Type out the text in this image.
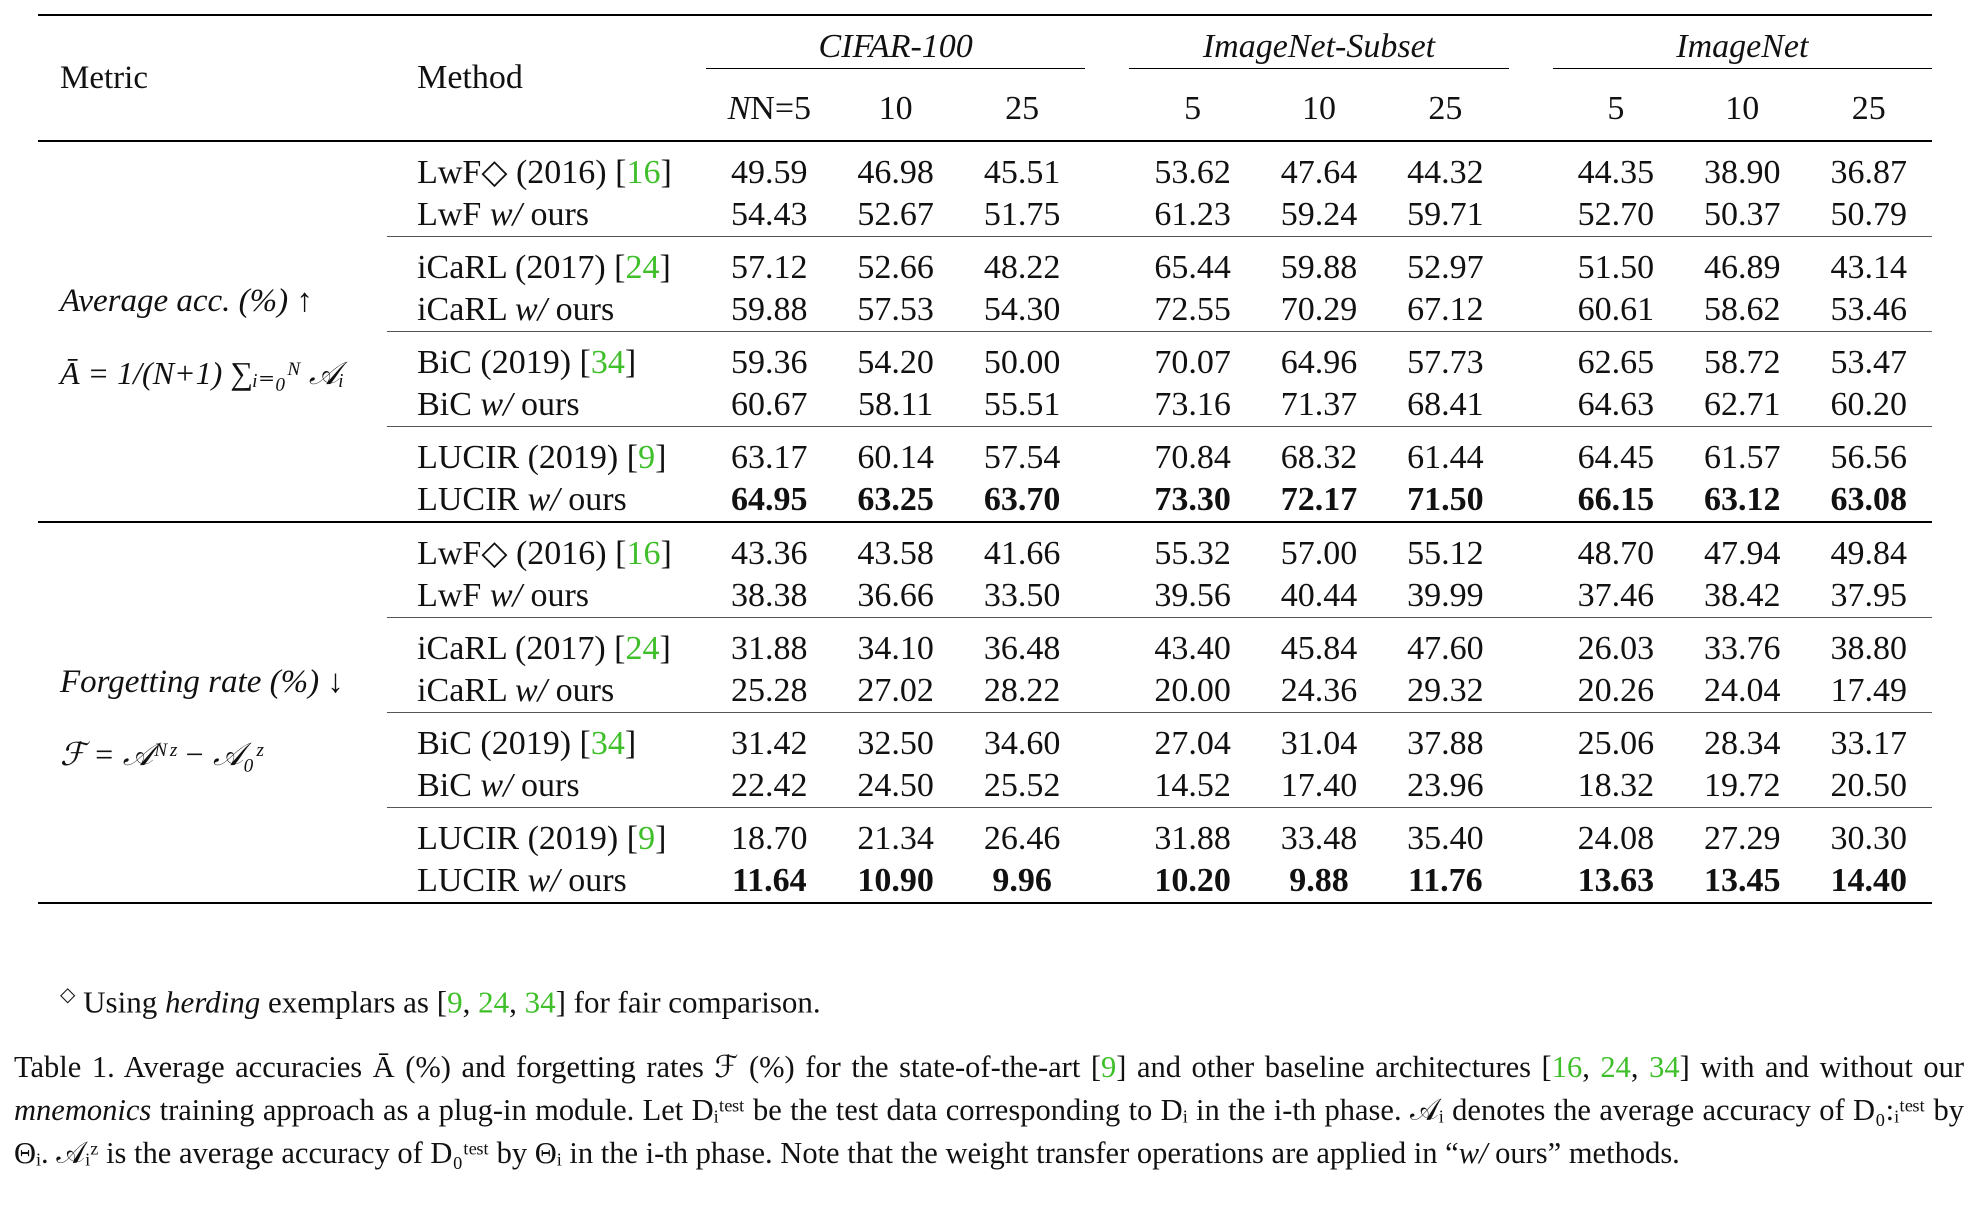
Metric	Method	CIFAR-100				ImageNet-Subset				ImageNet		

		NN=5	10	25		5	10	25		5	10	25

Average acc. (%) ↑
Ā = 1/(N+1) ∑ᵢ₌₀ᴺ 𝒜ᵢ	LwF◇ (2016) [16]	49.59	46.98	45.51		53.62	47.64	44.32		44.35	38.90	36.87
	LwF w/ ours	54.43	52.67	51.75		61.23	59.24	59.71		52.70	50.37	50.79
	iCaRL (2017) [24]	57.12	52.66	48.22		65.44	59.88	52.97		51.50	46.89	43.14
	iCaRL w/ ours	59.88	57.53	54.30		72.55	70.29	67.12		60.61	58.62	53.46
	BiC (2019) [34]	59.36	54.20	50.00		70.07	64.96	57.73		62.65	58.72	53.47
	BiC w/ ours	60.67	58.11	55.51		73.16	71.37	68.41		64.63	62.71	60.20
	LUCIR (2019) [9]	63.17	60.14	57.54		70.84	68.32	61.44		64.45	61.57	56.56
	LUCIR w/ ours	64.95	63.25	63.70		73.30	72.17	71.50		66.15	63.12	63.08

Forgetting rate (%) ↓
ℱ = 𝒜ᴺᶻ − 𝒜₀ᶻ	LwF◇ (2016) [16]	43.36	43.58	41.66		55.32	57.00	55.12		48.70	47.94	49.84
	LwF w/ ours	38.38	36.66	33.50		39.56	40.44	39.99		37.46	38.42	37.95
	iCaRL (2017) [24]	31.88	34.10	36.48		43.40	45.84	47.60		26.03	33.76	38.80
	iCaRL w/ ours	25.28	27.02	28.22		20.00	24.36	29.32		20.26	24.04	17.49
	BiC (2019) [34]	31.42	32.50	34.60		27.04	31.04	37.88		25.06	28.34	33.17
	BiC w/ ours	22.42	24.50	25.52		14.52	17.40	23.96		18.32	19.72	20.50
	LUCIR (2019) [9]	18.70	21.34	26.46		31.88	33.48	35.40		24.08	27.29	30.30
	LUCIR w/ ours	11.64	10.90	9.96		10.20	9.88	11.76		13.63	13.45	14.40
◇ Using herding exemplars as [9, 24, 34] for fair comparison.
Table 1. Average accuracies Ā (%) and forgetting rates ℱ (%) for the state-of-the-art [9] and other baseline architectures [16, 24, 34] with and without our mnemonics training approach as a plug-in module. Let Dᵢᵗᵉˢᵗ be the test data corresponding to Dᵢ in the i-th phase. 𝒜ᵢ denotes the average accuracy of D₀:ᵢᵗᵉˢᵗ by Θᵢ. 𝒜ᵢᶻ is the average accuracy of D₀ᵗᵉˢᵗ by Θᵢ in the i-th phase. Note that the weight transfer operations are applied in “w/ ours” methods.
